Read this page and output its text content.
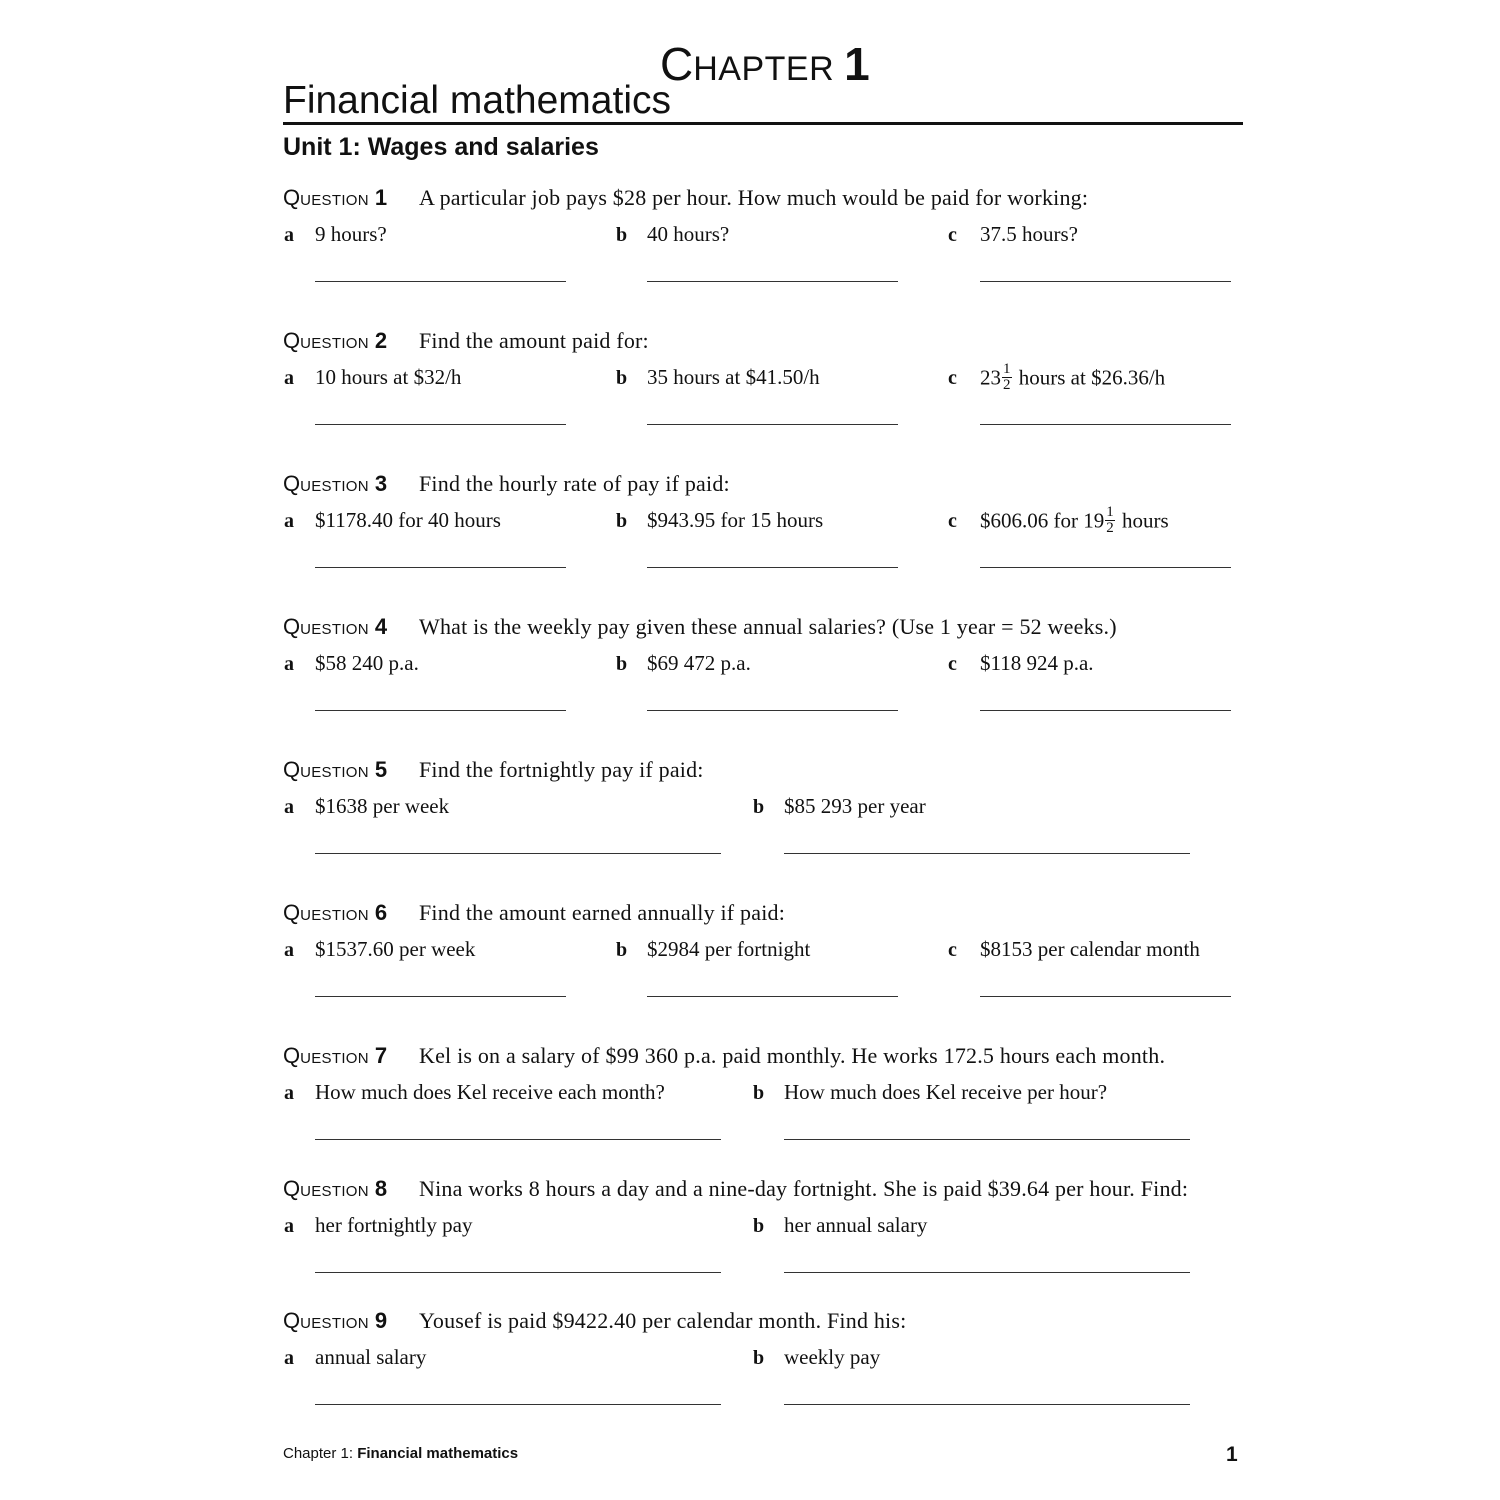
CHAPTER 1
Financial mathematics
Unit 1: Wages and salaries
QUESTION 1 A particular job pays $28 per hour. How much would be paid for working:
a 9 hours?	b 40 hours?	c 37.5 hours?
QUESTION 2 Find the amount paid for:
a 10 hours at $32/h	b 35 hours at $41.50/h	c $23 \frac{1}{2}$ hours at $26.36/h
QUESTION 3 Find the hourly rate of pay if paid:
a $1178.40 for 40 hours	b $943.95 for 15 hours	c $606.06 for $19 \frac{1}{2}$ hours
QUESTION 4 What is the weekly pay given these annual salaries? (Use 1 year = 52 weeks.)
a $58 240 p.a.	b $69 472 p.a.	c $118 924 p.a.
QUESTION 5 Find the fortnightly pay if paid:
a $1638 per week	b $85 293 per year
QUESTION 6 Find the amount earned annually if paid:
a $1537.60 per week	b $2984 per fortnight	c $8153 per calendar month
QUESTION 7 Kel is on a salary of $99 360 p.a. paid monthly. He works 172.5 hours each month.
a How much does Kel receive each month?	b How much does Kel receive per hour?
QUESTION 8 Nina works 8 hours a day and a nine-day fortnight. She is paid $39.64 per hour. Find:
a her fortnightly pay	b her annual salary
QUESTION 9 Yousef is paid $9422.40 per calendar month. Find his:
a annual salary	b weekly pay
Chapter 1: Financial mathematics	1
